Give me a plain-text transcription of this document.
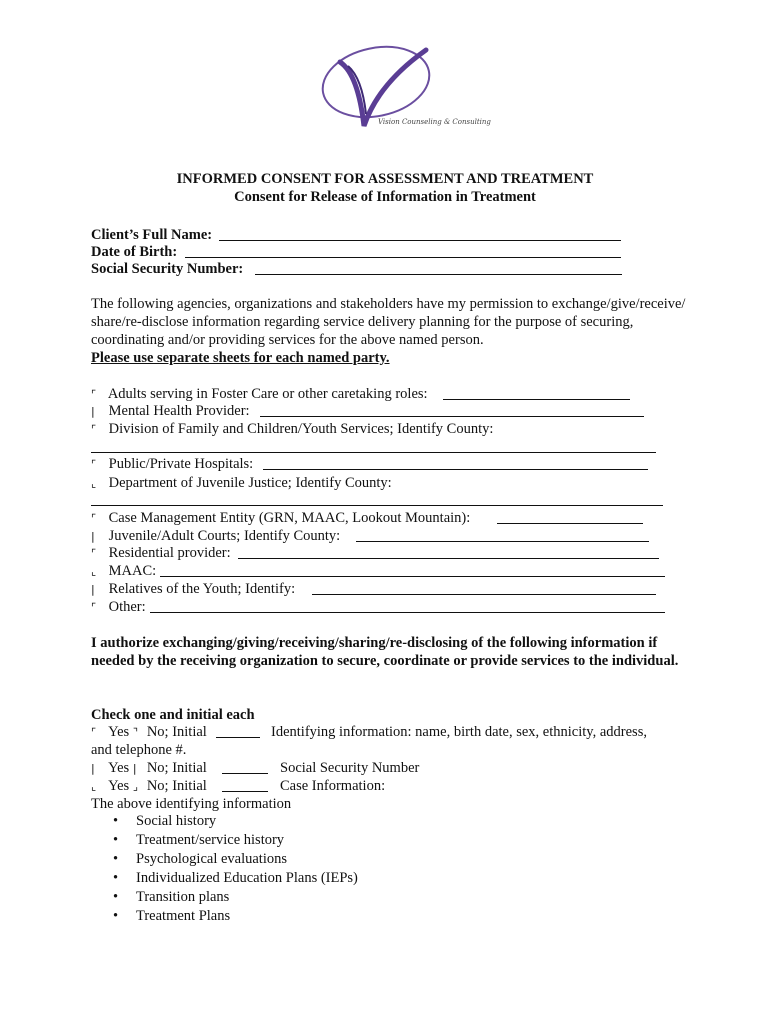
Vision Counseling & Consulting
INFORMED CONSENT FOR ASSESSMENT AND TREATMENT
Consent for Release of Information in Treatment
Client’s Full Name:
Date of Birth:
Social Security Number:
The following agencies, organizations and stakeholders have my permission to exchange/give/receive/ share/re-disclose information regarding service delivery planning for the purpose of securing, coordinating and/or providing services for the above named person.
Please use separate sheets for each named party.
⌜ Adults serving in Foster Care or other caretaking roles:
| Mental Health Provider:
⌜ Division of Family and Children/Youth Services; Identify County:
⌜ Public/Private Hospitals:
⌞ Department of Juvenile Justice; Identify County:
⌜ Case Management Entity (GRN, MAAC, Lookout Mountain):
| Juvenile/Adult Courts; Identify County:
⌜ Residential provider:
⌞ MAAC:
| Relatives of the Youth; Identify:
⌜ Other:
I authorize exchanging/giving/receiving/sharing/re-disclosing of the following information if needed by the receiving organization to secure, coordinate or provide services to the individual.
Check one and initial each
⌜ Yes ⌝ No; Initial	Identifying information: name, birth date, sex, ethnicity, address,
and telephone #.
| Yes | No; Initial	Social Security Number
⌞ Yes ⌟ No; Initial	Case Information:
The above identifying information
• Social history
• Treatment/service history
• Psychological evaluations
• Individualized Education Plans (IEPs)
• Transition plans
• Treatment Plans
